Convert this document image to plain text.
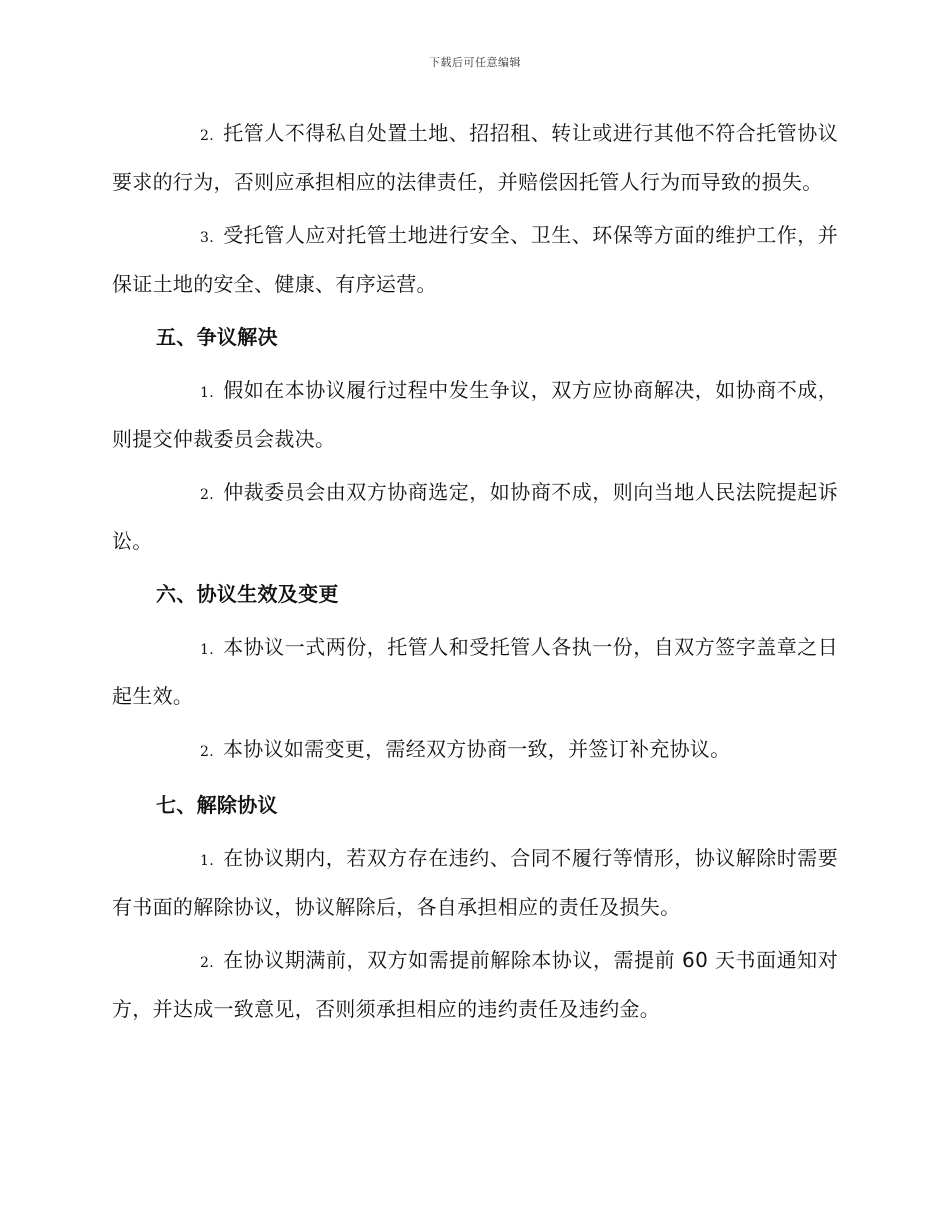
下载后可任意编辑

2. 托管人不得私自处置土地、招招租、转让或进行其他不符合托管协议要求的行为，否则应承担相应的法律责任，并赔偿因托管人行为而导致的损失。

3. 受托管人应对托管土地进行安全、卫生、环保等方面的维护工作，并保证土地的安全、健康、有序运营。

五、争议解决

1. 假如在本协议履行过程中发生争议，双方应协商解决，如协商不成，则提交仲裁委员会裁决。

2. 仲裁委员会由双方协商选定，如协商不成，则向当地人民法院提起诉讼。

六、协议生效及变更

1. 本协议一式两份，托管人和受托管人各执一份，自双方签字盖章之日起生效。

2. 本协议如需变更，需经双方协商一致，并签订补充协议。

七、解除协议

1. 在协议期内，若双方存在违约、合同不履行等情形，协议解除时需要有书面的解除协议，协议解除后，各自承担相应的责任及损失。

2. 在协议期满前，双方如需提前解除本协议，需提前 60 天书面通知对方，并达成一致意见，否则须承担相应的违约责任及违约金。
